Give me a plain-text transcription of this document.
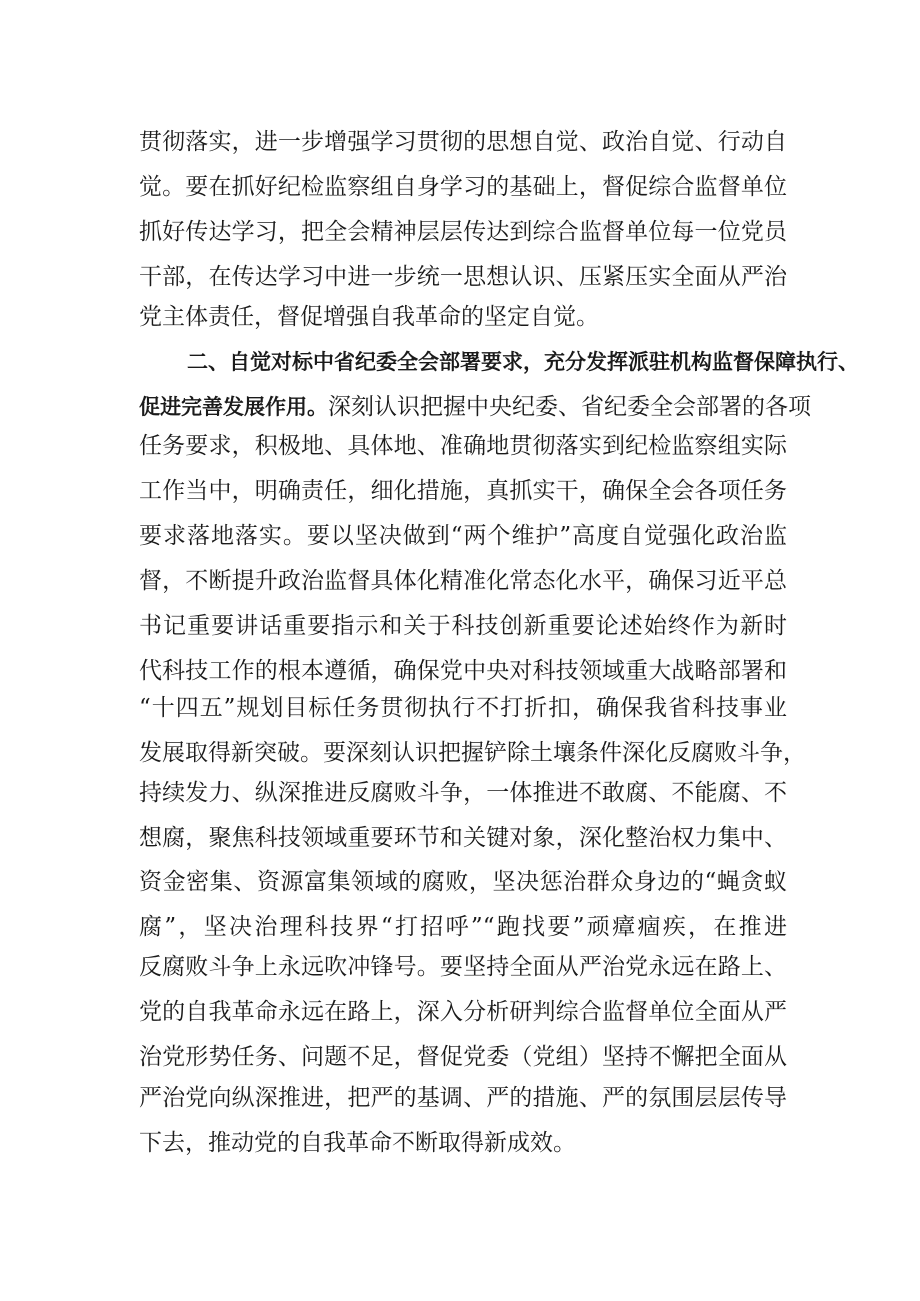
贯彻落实，进一步增强学习贯彻的思想自觉、政治自觉、行动自
觉。要在抓好纪检监察组自身学习的基础上，督促综合监督单位
抓好传达学习，把全会精神层层传达到综合监督单位每一位党员
干部，在传达学习中进一步统一思想认识、压紧压实全面从严治
党主体责任，督促增强自我革命的坚定自觉。
二、自觉对标中省纪委全会部署要求，充分发挥派驻机构监督保障执行、
促进完善发展作用。深刻认识把握中央纪委、省纪委全会部署的各项
任务要求，积极地、具体地、准确地贯彻落实到纪检监察组实际
工作当中，明确责任，细化措施，真抓实干，确保全会各项任务
要求落地落实。要以坚决做到“两个维护”高度自觉强化政治监
督，不断提升政治监督具体化精准化常态化水平，确保习近平总
书记重要讲话重要指示和关于科技创新重要论述始终作为新时
代科技工作的根本遵循，确保党中央对科技领域重大战略部署和
“十四五”规划目标任务贯彻执行不打折扣，确保我省科技事业
发展取得新突破。要深刻认识把握铲除土壤条件深化反腐败斗争，
持续发力、纵深推进反腐败斗争，一体推进不敢腐、不能腐、不
想腐，聚焦科技领域重要环节和关键对象，深化整治权力集中、
资金密集、资源富集领域的腐败，坚决惩治群众身边的“蝇贪蚁
腐”，坚决治理科技界“打招呼”“跑找要”顽瘴痼疾，在推进
反腐败斗争上永远吹冲锋号。要坚持全面从严治党永远在路上、
党的自我革命永远在路上，深入分析研判综合监督单位全面从严
治党形势任务、问题不足，督促党委（党组）坚持不懈把全面从
严治党向纵深推进，把严的基调、严的措施、严的氛围层层传导
下去，推动党的自我革命不断取得新成效。
